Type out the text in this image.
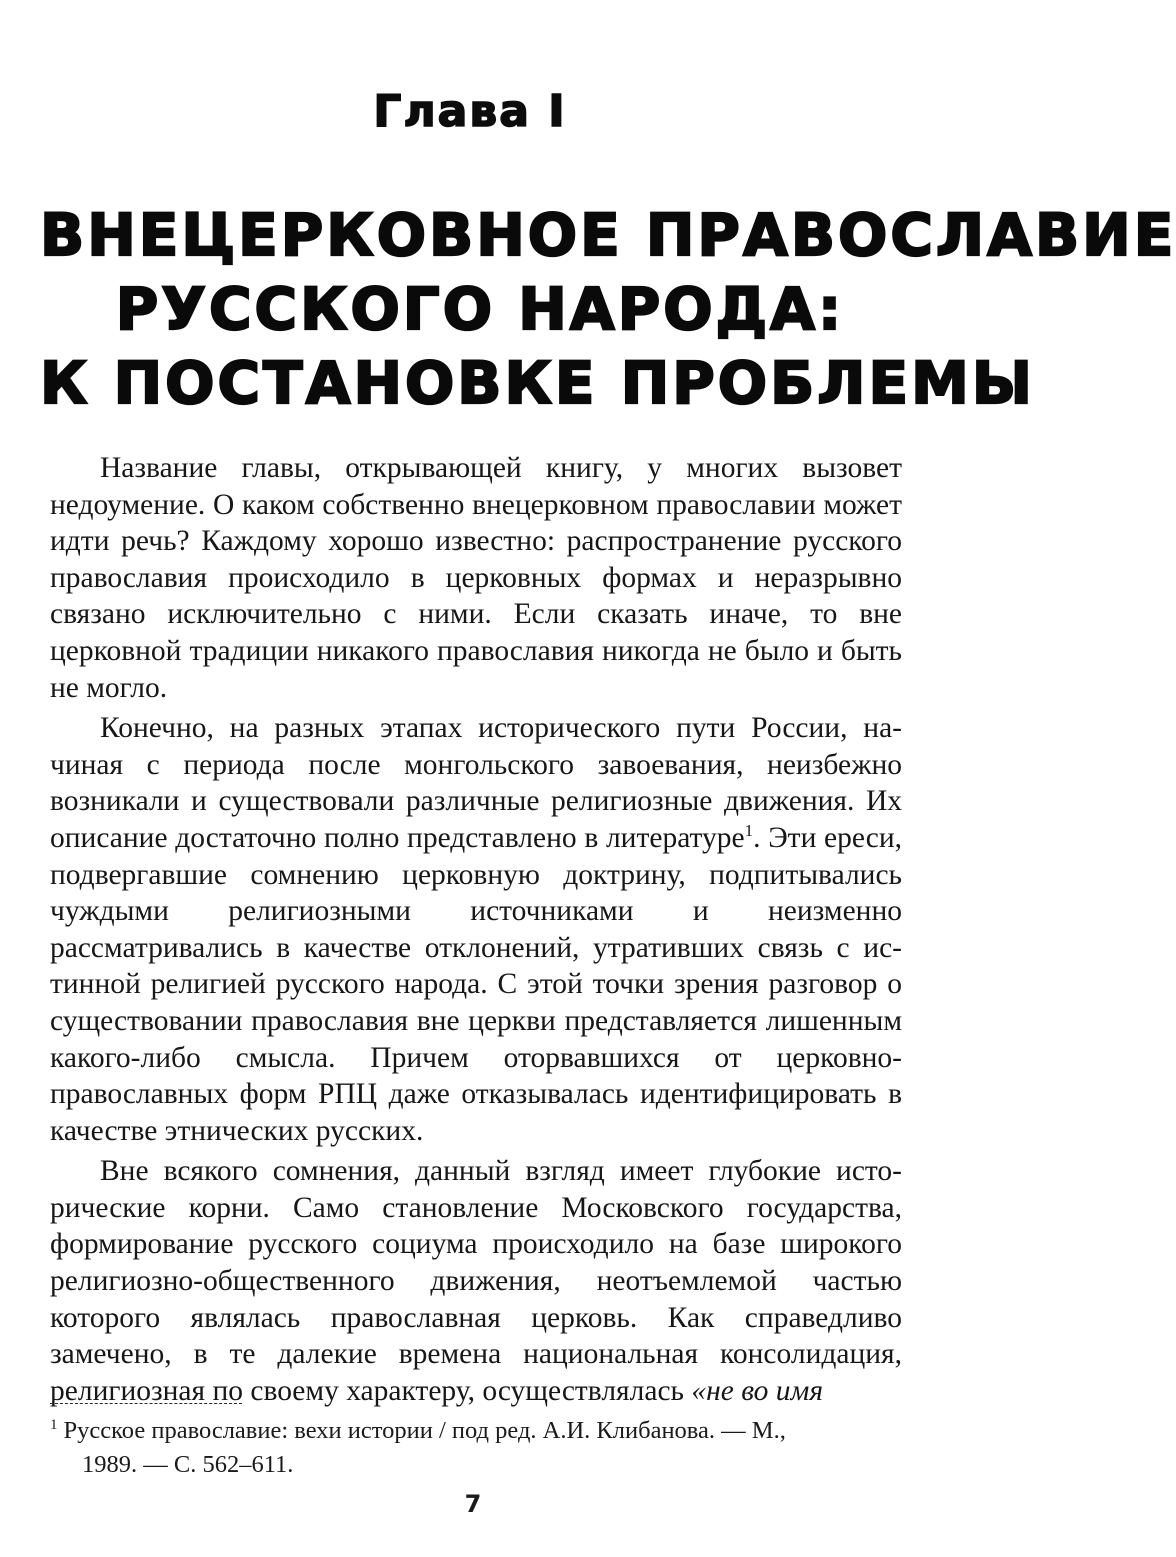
Глава I
ВНЕЦЕРКОВНОЕ ПРАВОСЛАВИЕ
РУССКОГО НАРОДА:
К ПОСТАНОВКЕ ПРОБЛЕМЫ

Название главы, открывающей книгу, у многих вызовет недоумение. О каком собственно внецерковном православии может идти речь? Каждому хорошо известно: распространение русского православия происходило в церковных формах и неразрывно связано исключительно с ними. Если сказать иначе, то вне церковной традиции никакого православия никогда не было и быть не могло.

Конечно, на разных этапах исторического пути России, начиная с периода после монгольского завоевания, неизбежно возникали и существовали различные религиозные движения. Их описание достаточно полно представлено в литературе$^1$. Эти ереси, подвергавшие сомнению церковную доктрину, подпитывались чуждыми религиозными источниками и неизменно рассматривались в качестве отклонений, утративших связь с истинной религией русского народа. С этой точки зрения разговор о существовании православия вне церкви представляется лишенным какого-либо смысла. Причем оторвавшихся от церковно-православных форм РПЦ даже отказывалась идентифицировать в качестве этнических русских.

Вне всякого сомнения, данный взгляд имеет глубокие исторические корни. Само становление Московского государства, формирование русского социума происходило на базе широкого религиозно-общественного движения, неотъемлемой частью которого являлась православная церковь. Как справедливо замечено, в те далекие времена национальная консолидация, религиозная по своему характеру, осуществлялась «не во имя

$^1$ Русское православие: вехи истории / под ред. А.И. Клибанова. — М.,
1989. — С. 562–611.
7
